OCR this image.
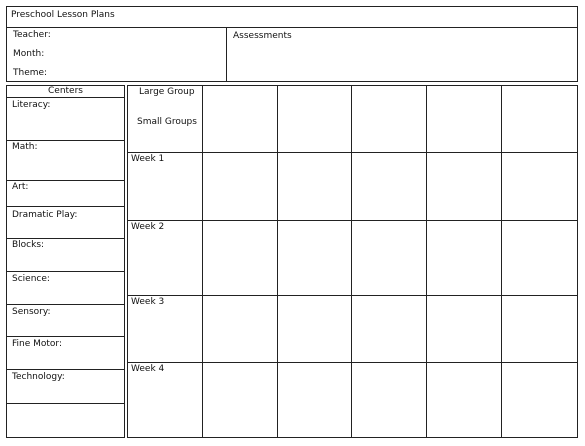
Preschool Lesson Plans
Teacher:
Month:
Theme:
Assessments
Centers
Literacy:
Math:
Art:
Dramatic Play:
Blocks:
Science:
Sensory:
Fine Motor:
Technology:
Large Group
Small Groups
Week 1
Week 2
Week 3
Week 4
